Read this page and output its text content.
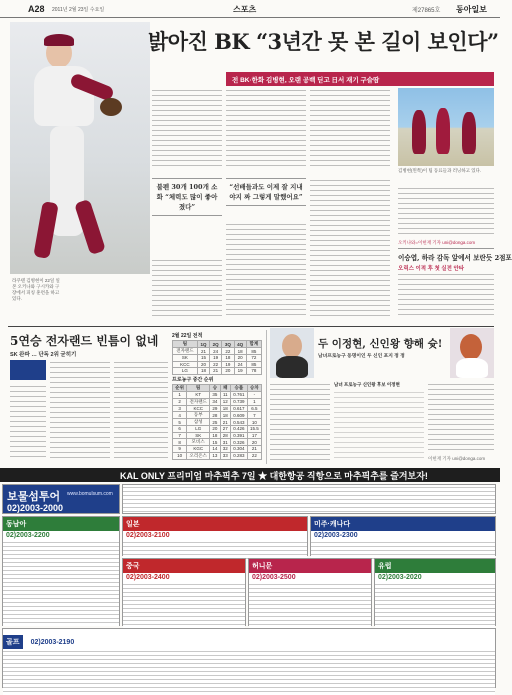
A28 2011년 2월 23일 수요일	스포츠	제27865호 동아일보
라쿠텐 김병현이 22일 일본 오키나와 구시카와 구장에서 피칭 훈련을 하고 있다.
밝아진 BK “3년간 못 본 길이 보인다”
전 BK·한화 김병현, 오랜 공백 딛고 日서 재기 구슬땀
불펜 30개 100개 소화 “체력도 많이 좋아졌다”
“선배들과도 이제 잘 지내 야지 짜 그렇게 말했어요”
김병현(왼쪽)이 팀 동료들과 러닝하고 있다.
오키나와=이헌재 기자 uni@donga.com
이승엽, 하라 감독 앞에서 보란듯 2점포
오릭스 이적 후 첫 실전 안타
5연승 전자랜드 빈틈이 없네
SK 완파 … 단독 2위 굳히기
2월 22일 전적
팀	1Q	2Q	3Q	4Q	합계
전자랜드	21	24	22	18	85
SK	15	19	18	20	72
KCC	20	22	19	24	85
LG	18	21	20	19	78
프로농구 중간 순위
순위	팀	승	패	승률	승차
1	KT	35	11	0.761	-
2	전자랜드	34	12	0.739	1
3	KCC	29	18	0.617	6.5
4	동부	28	18	0.609	7
5	삼성	25	21	0.543	10
6	LG	20	27	0.426	15.5
7	SK	18	28	0.391	17
8	모비스	15	31	0.326	20
9	KGC	14	32	0.304	21
10	오리온스	13	33	0.283	22
두 이정현, 신인왕 향해 슛!
남녀프로농구 동명이인 두 신인 포지 정 정
남녀 프로농구 신인왕 후보 이정현
이헌재 기자 uni@donga.com
KAL ONLY 프리미엄 마추픽추 7일 ★ 대한항공 직항으로 마추픽추를 즐겨보자!
보물섬투어 www.bomulsum.com
02)2003-2000
동남아
02)2003-2200
일본
02)2003-2100
미주·캐나다
02)2003-2300
중국
02)2003-2400
허니문
02)2003-2500
유럽
02)2003-2020
골프 02)2003-2190
